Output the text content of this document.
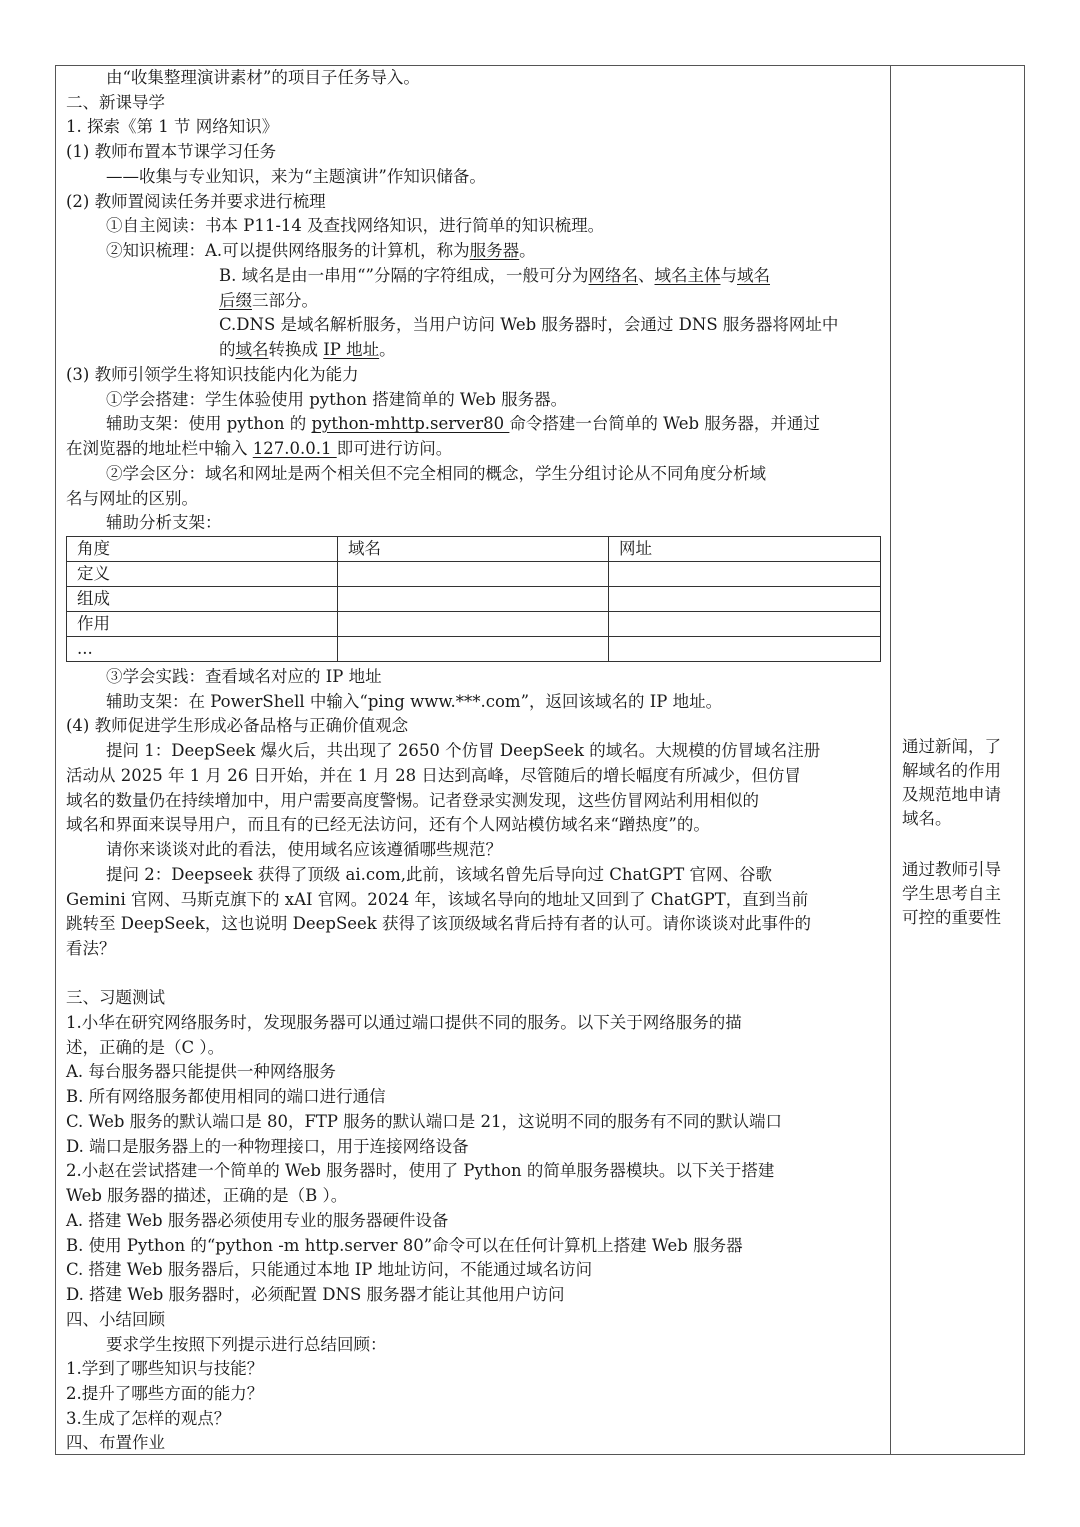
由“收集整理演讲素材”的项目子任务导入。
二、新课导学
1. 探索《第 1 节 网络知识》
(1) 教师布置本节课学习任务
——收集与专业知识，来为“主题演讲”作知识储备。
(2) 教师置阅读任务并要求进行梳理
①自主阅读：书本 P11-14 及查找网络知识，进行简单的知识梳理。
②知识梳理：A.可以提供网络服务的计算机，称为服务器。
B. 域名是由一串用“”分隔的字符组成，一般可分为网络名、域名主体与域名
后缀三部分。
C.DNS 是域名解析服务，当用户访问 Web 服务器时，会通过 DNS 服务器将网址中
的域名转换成 IP 地址。
(3) 教师引领学生将知识技能内化为能力
①学会搭建：学生体验使用 python 搭建简单的 Web 服务器。
辅助支架：使用 python 的 python-mhttp.server80 命令搭建一台简单的 Web 服务器，并通过
在浏览器的地址栏中输入 127.0.0.1 即可进行访问。
②学会区分：域名和网址是两个相关但不完全相同的概念，学生分组讨论从不同角度分析域
名与网址的区别。
辅助分析支架：
角度	域名	网址
定义		
组成		
作用		
...		
③学会实践：查看域名对应的 IP 地址
辅助支架：在 PowerShell 中输入“ping www.***.com”，返回该域名的 IP 地址。
(4) 教师促进学生形成必备品格与正确价值观念
提问 1：DeepSeek 爆火后，共出现了 2650 个仿冒 DeepSeek 的域名。大规模的仿冒域名注册
活动从 2025 年 1 月 26 日开始，并在 1 月 28 日达到高峰，尽管随后的增长幅度有所减少，但仿冒
域名的数量仍在持续增加中，用户需要高度警惕。记者登录实测发现，这些仿冒网站利用相似的
域名和界面来误导用户，而且有的已经无法访问，还有个人网站模仿域名来“蹭热度”的。
请你来谈谈对此的看法，使用域名应该遵循哪些规范？
提问 2：Deepseek 获得了顶级 ai.com,此前，该域名曾先后导向过 ChatGPT 官网、谷歌
Gemini 官网、马斯克旗下的 xAI 官网。2024 年，该域名导向的地址又回到了 ChatGPT，直到当前
跳转至 DeepSeek，这也说明 DeepSeek 获得了该顶级域名背后持有者的认可。请你谈谈对此事件的
看法？
三、习题测试
1.小华在研究网络服务时，发现服务器可以通过端口提供不同的服务。以下关于网络服务的描
述，正确的是（C ）。
A. 每台服务器只能提供一种网络服务
B. 所有网络服务都使用相同的端口进行通信
C. Web 服务的默认端口是 80，FTP 服务的默认端口是 21，这说明不同的服务有不同的默认端口
D. 端口是服务器上的一种物理接口，用于连接网络设备
2.小赵在尝试搭建一个简单的 Web 服务器时，使用了 Python 的简单服务器模块。以下关于搭建
Web 服务器的描述，正确的是（B ）。
A. 搭建 Web 服务器必须使用专业的服务器硬件设备
B. 使用 Python 的“python -m http.server 80”命令可以在任何计算机上搭建 Web 服务器
C. 搭建 Web 服务器后，只能通过本地 IP 地址访问，不能通过域名访问
D. 搭建 Web 服务器时，必须配置 DNS 服务器才能让其他用户访问
四、小结回顾
要求学生按照下列提示进行总结回顾：
1.学到了哪些知识与技能？
2.提升了哪些方面的能力？
3.生成了怎样的观点？
四、布置作业
通过新闻，了
解域名的作用
及规范地申请
域名。
通过教师引导
学生思考自主
可控的重要性
